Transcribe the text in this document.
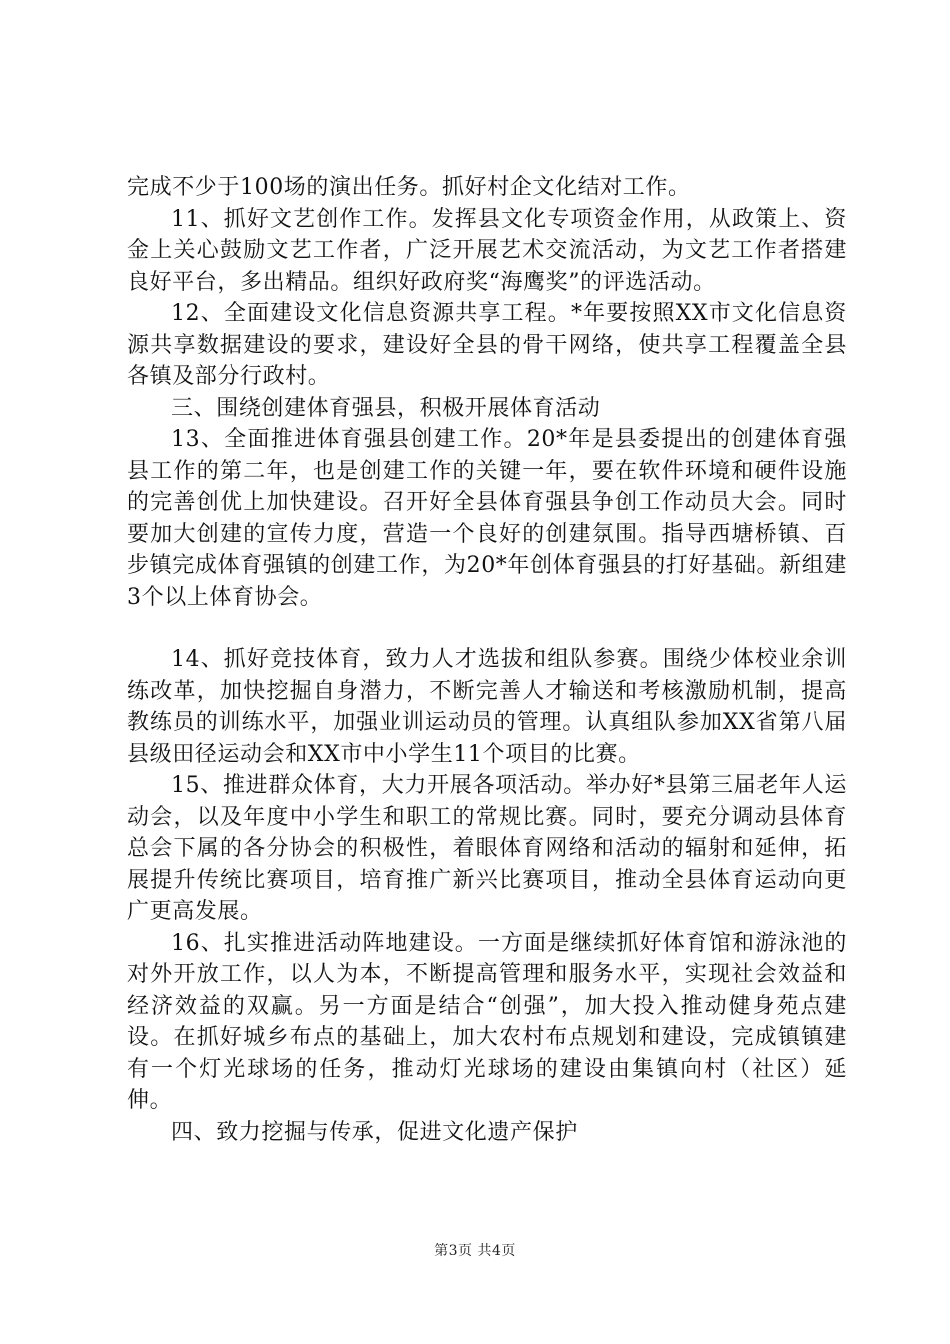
完成不少于100场的演出任务。抓好村企文化结对工作。

11、抓好文艺创作工作。发挥县文化专项资金作用，从政策上、资金上关心鼓励文艺工作者，广泛开展艺术交流活动，为文艺工作者搭建良好平台，多出精品。组织好政府奖“海鹰奖”的评选活动。

12、全面建设文化信息资源共享工程。*年要按照XX市文化信息资源共享数据建设的要求，建设好全县的骨干网络，使共享工程覆盖全县各镇及部分行政村。

三、围绕创建体育强县，积极开展体育活动

13、全面推进体育强县创建工作。20*年是县委提出的创建体育强县工作的第二年，也是创建工作的关键一年，要在软件环境和硬件设施的完善创优上加快建设。召开好全县体育强县争创工作动员大会。同时要加大创建的宣传力度，营造一个良好的创建氛围。指导西塘桥镇、百步镇完成体育强镇的创建工作，为20*年创体育强县的打好基础。新组建3个以上体育协会。

14、抓好竞技体育，致力人才选拔和组队参赛。围绕少体校业余训练改革，加快挖掘自身潜力，不断完善人才输送和考核激励机制，提高教练员的训练水平，加强业训运动员的管理。认真组队参加XX省第八届县级田径运动会和XX市中小学生11个项目的比赛。

15、推进群众体育，大力开展各项活动。举办好*县第三届老年人运动会，以及年度中小学生和职工的常规比赛。同时，要充分调动县体育总会下属的各分协会的积极性，着眼体育网络和活动的辐射和延伸，拓展提升传统比赛项目，培育推广新兴比赛项目，推动全县体育运动向更广更高发展。

16、扎实推进活动阵地建设。一方面是继续抓好体育馆和游泳池的对外开放工作，以人为本，不断提高管理和服务水平，实现社会效益和经济效益的双赢。另一方面是结合“创强”，加大投入推动健身苑点建设。在抓好城乡布点的基础上，加大农村布点规划和建设，完成镇镇建有一个灯光球场的任务，推动灯光球场的建设由集镇向村（社区）延伸。

四、致力挖掘与传承，促进文化遗产保护

第3页 共4页
